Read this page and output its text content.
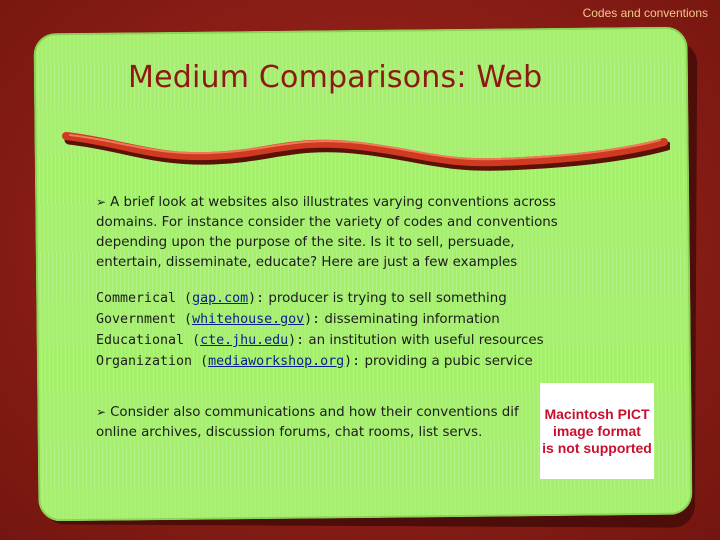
Codes and conventions
Medium Comparisons: Web
➢ A brief look at websites also illustrates varying conventions across
domains. For instance consider the variety of codes and conventions
depending upon the purpose of the site. Is it to sell, persuade,
entertain, disseminate, educate? Here are just a few examples
Commerical (gap.com): producer is trying to sell something
Government (whitehouse.gov): disseminating information
Educational (cte.jhu.edu): an institution with useful resources
Organization (mediaworkshop.org): providing a pubic service
➢ Consider also communications and how their conventions dif
online archives, discussion forums, chat rooms, list servs.
Macintosh PICT
image format
is not supported
